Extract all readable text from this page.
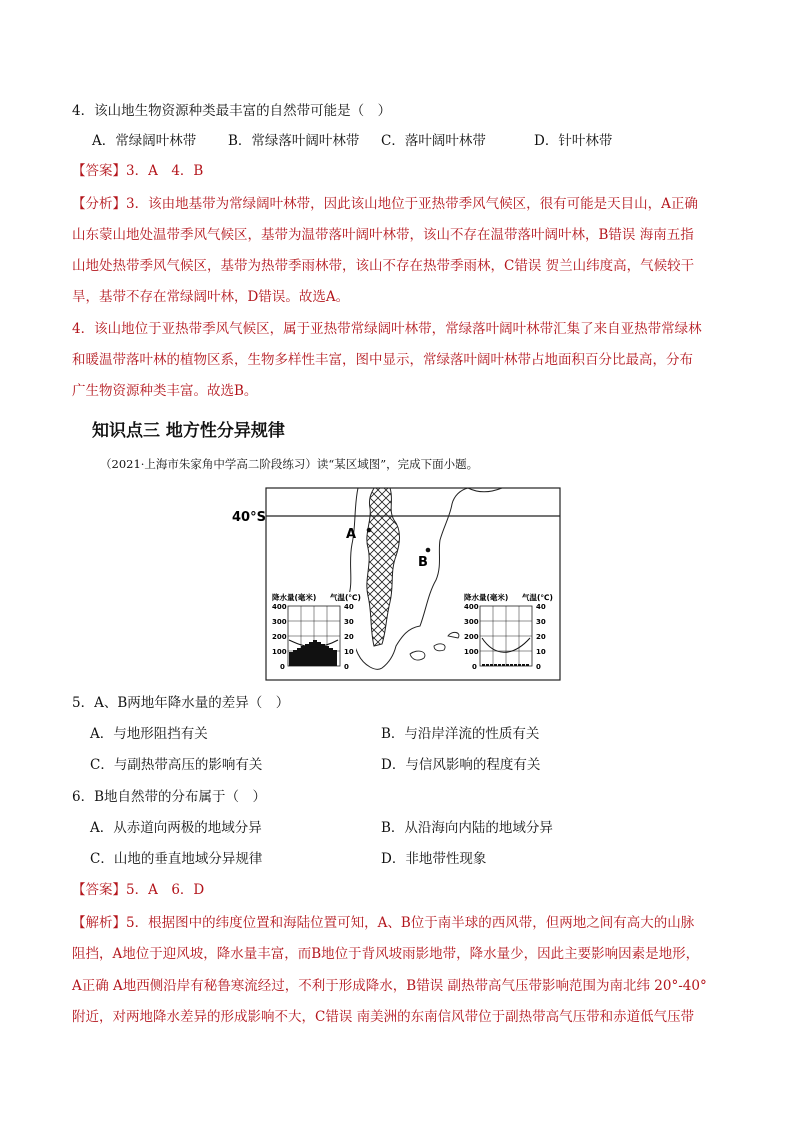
4．该山地生物资源种类最丰富的自然带可能是（　）
A．常绿阔叶林带 B．常绿落叶阔叶林带 C．落叶阔叶林带	D．针叶林带
【答案】3．A　4．B
【分析】3．该由地基带为常绿阔叶林带，因此该山地位于亚热带季风气候区，很有可能是天目山，A正确
山东蒙山地处温带季风气候区，基带为温带落叶阔叶林带，该山不存在温带落叶阔叶林，B错误 海南五指
山地处热带季风气候区，基带为热带季雨林带，该山不存在热带季雨林，C错误 贺兰山纬度高，气候较干
旱，基带不存在常绿阔叶林，D错误。故选A。
4．该山地位于亚热带季风气候区，属于亚热带常绿阔叶林带，常绿落叶阔叶林带汇集了来自亚热带常绿林
和暖温带落叶林的植物区系，生物多样性丰富，图中显示，常绿落叶阔叶林带占地面积百分比最高，分布
广生物资源种类丰富。故选B。
知识点三 地方性分异规律
（2021·上海市朱家角中学高二阶段练习）读“某区域图”，完成下面小题。
40°S
A
B
降水量(毫米) 气温(℃)
400
300
200
100
0
40
30
20
10
0
降水量(毫米) 气温(℃)
400
300
200
100
0
40
30
20
10
0
5．A、B两地年降水量的差异（　）
A．与地形阻挡有关	B．与沿岸洋流的性质有关
C．与副热带高压的影响有关	D．与信风影响的程度有关
6．B地自然带的分布属于（　）
A．从赤道向两极的地域分异	B．从沿海向内陆的地域分异
C．山地的垂直地域分异规律	D．非地带性现象
【答案】5．A　6．D
【解析】5．根据图中的纬度位置和海陆位置可知，A、B位于南半球的西风带，但两地之间有高大的山脉
阻挡，A地位于迎风坡，降水量丰富，而B地位于背风坡雨影地带，降水量少，因此主要影响因素是地形，
A正确 A地西侧沿岸有秘鲁寒流经过，不利于形成降水，B错误 副热带高气压带影响范围为南北纬 20°-40°
附近，对两地降水差异的形成影响不大，C错误 南美洲的东南信风带位于副热带高气压带和赤道低气压带
